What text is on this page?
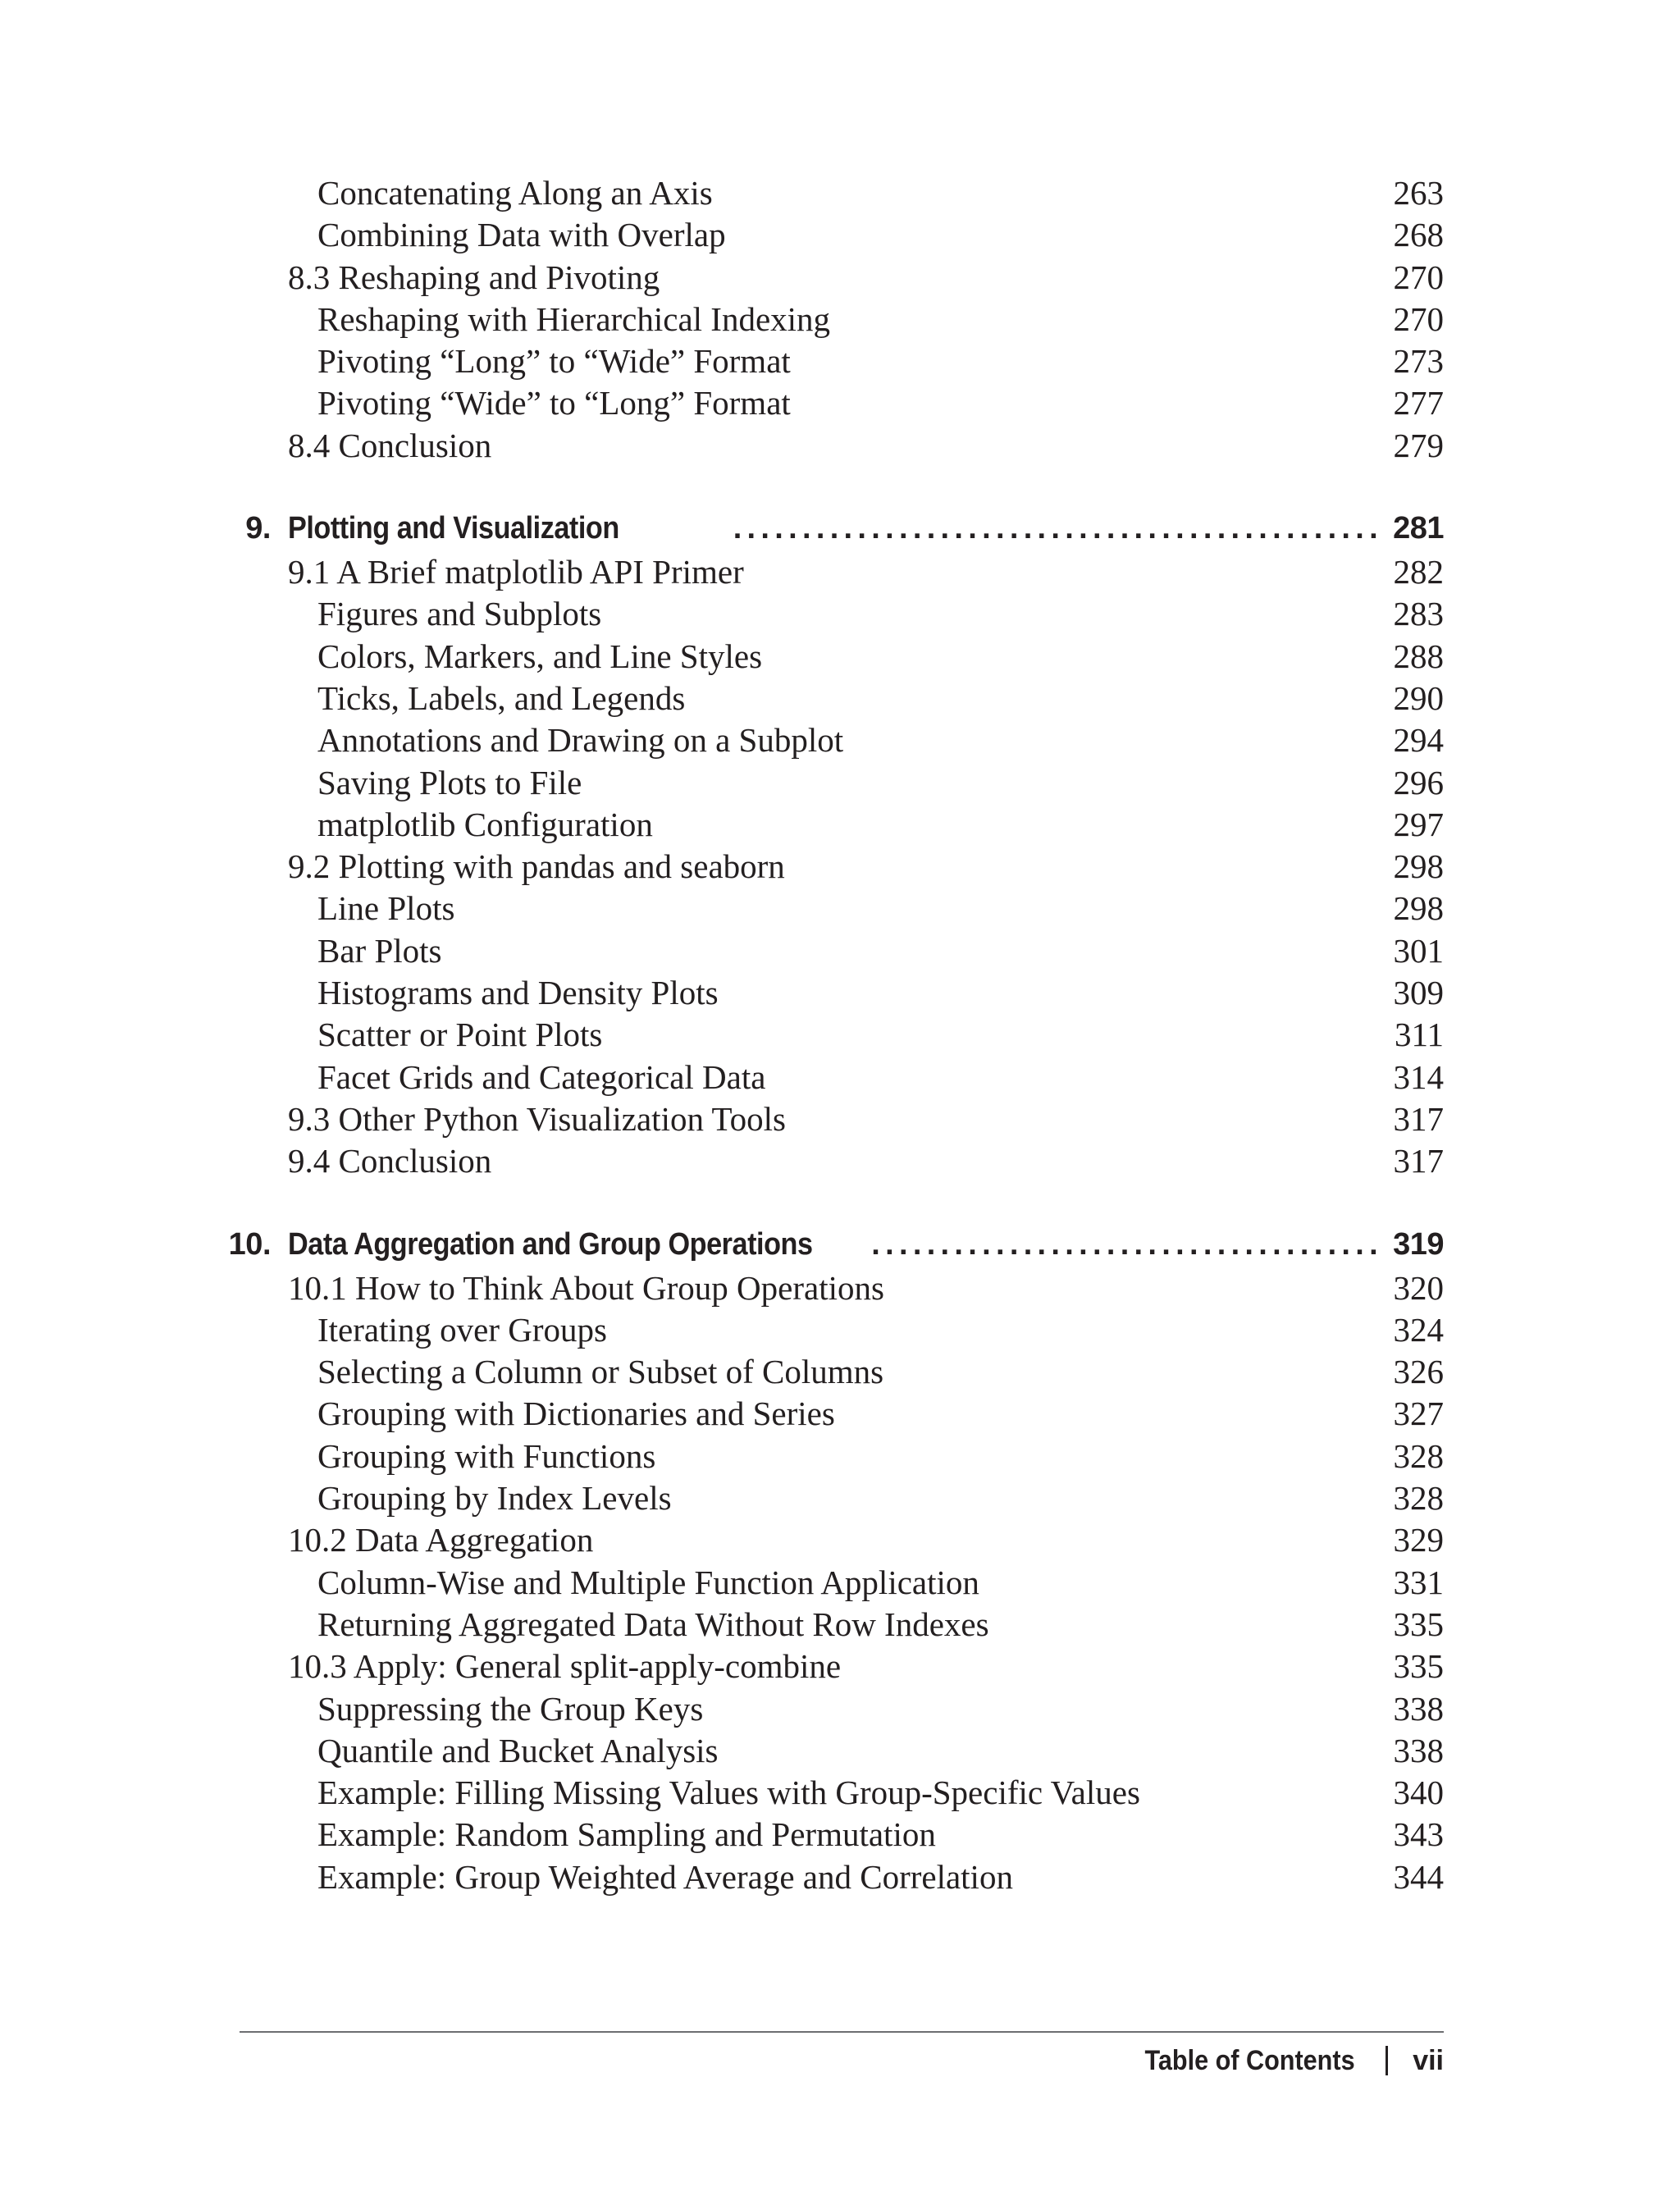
Concatenating Along an Axis	263
Combining Data with Overlap	268
8.3 Reshaping and Pivoting	270
Reshaping with Hierarchical Indexing	270
Pivoting “Long” to “Wide” Format	273
Pivoting “Wide” to “Long” Format	277
8.4 Conclusion	279
9. Plotting and Visualization	............................................... 281
9.1 A Brief matplotlib API Primer	282
Figures and Subplots	283
Colors, Markers, and Line Styles	288
Ticks, Labels, and Legends	290
Annotations and Drawing on a Subplot	294
Saving Plots to File	296
matplotlib Configuration	297
9.2 Plotting with pandas and seaborn	298
Line Plots	298
Bar Plots	301
Histograms and Density Plots	309
Scatter or Point Plots	311
Facet Grids and Categorical Data	314
9.3 Other Python Visualization Tools	317
9.4 Conclusion	317
10. Data Aggregation and Group Operations ..................................... 319
10.1 How to Think About Group Operations	320
Iterating over Groups	324
Selecting a Column or Subset of Columns	326
Grouping with Dictionaries and Series	327
Grouping with Functions	328
Grouping by Index Levels	328
10.2 Data Aggregation	329
Column-Wise and Multiple Function Application	331
Returning Aggregated Data Without Row Indexes	335
10.3 Apply: General split-apply-combine	335
Suppressing the Group Keys	338
Quantile and Bucket Analysis	338
Example: Filling Missing Values with Group-Specific Values	340
Example: Random Sampling and Permutation	343
Example: Group Weighted Average and Correlation	344
Table of Contents vii
